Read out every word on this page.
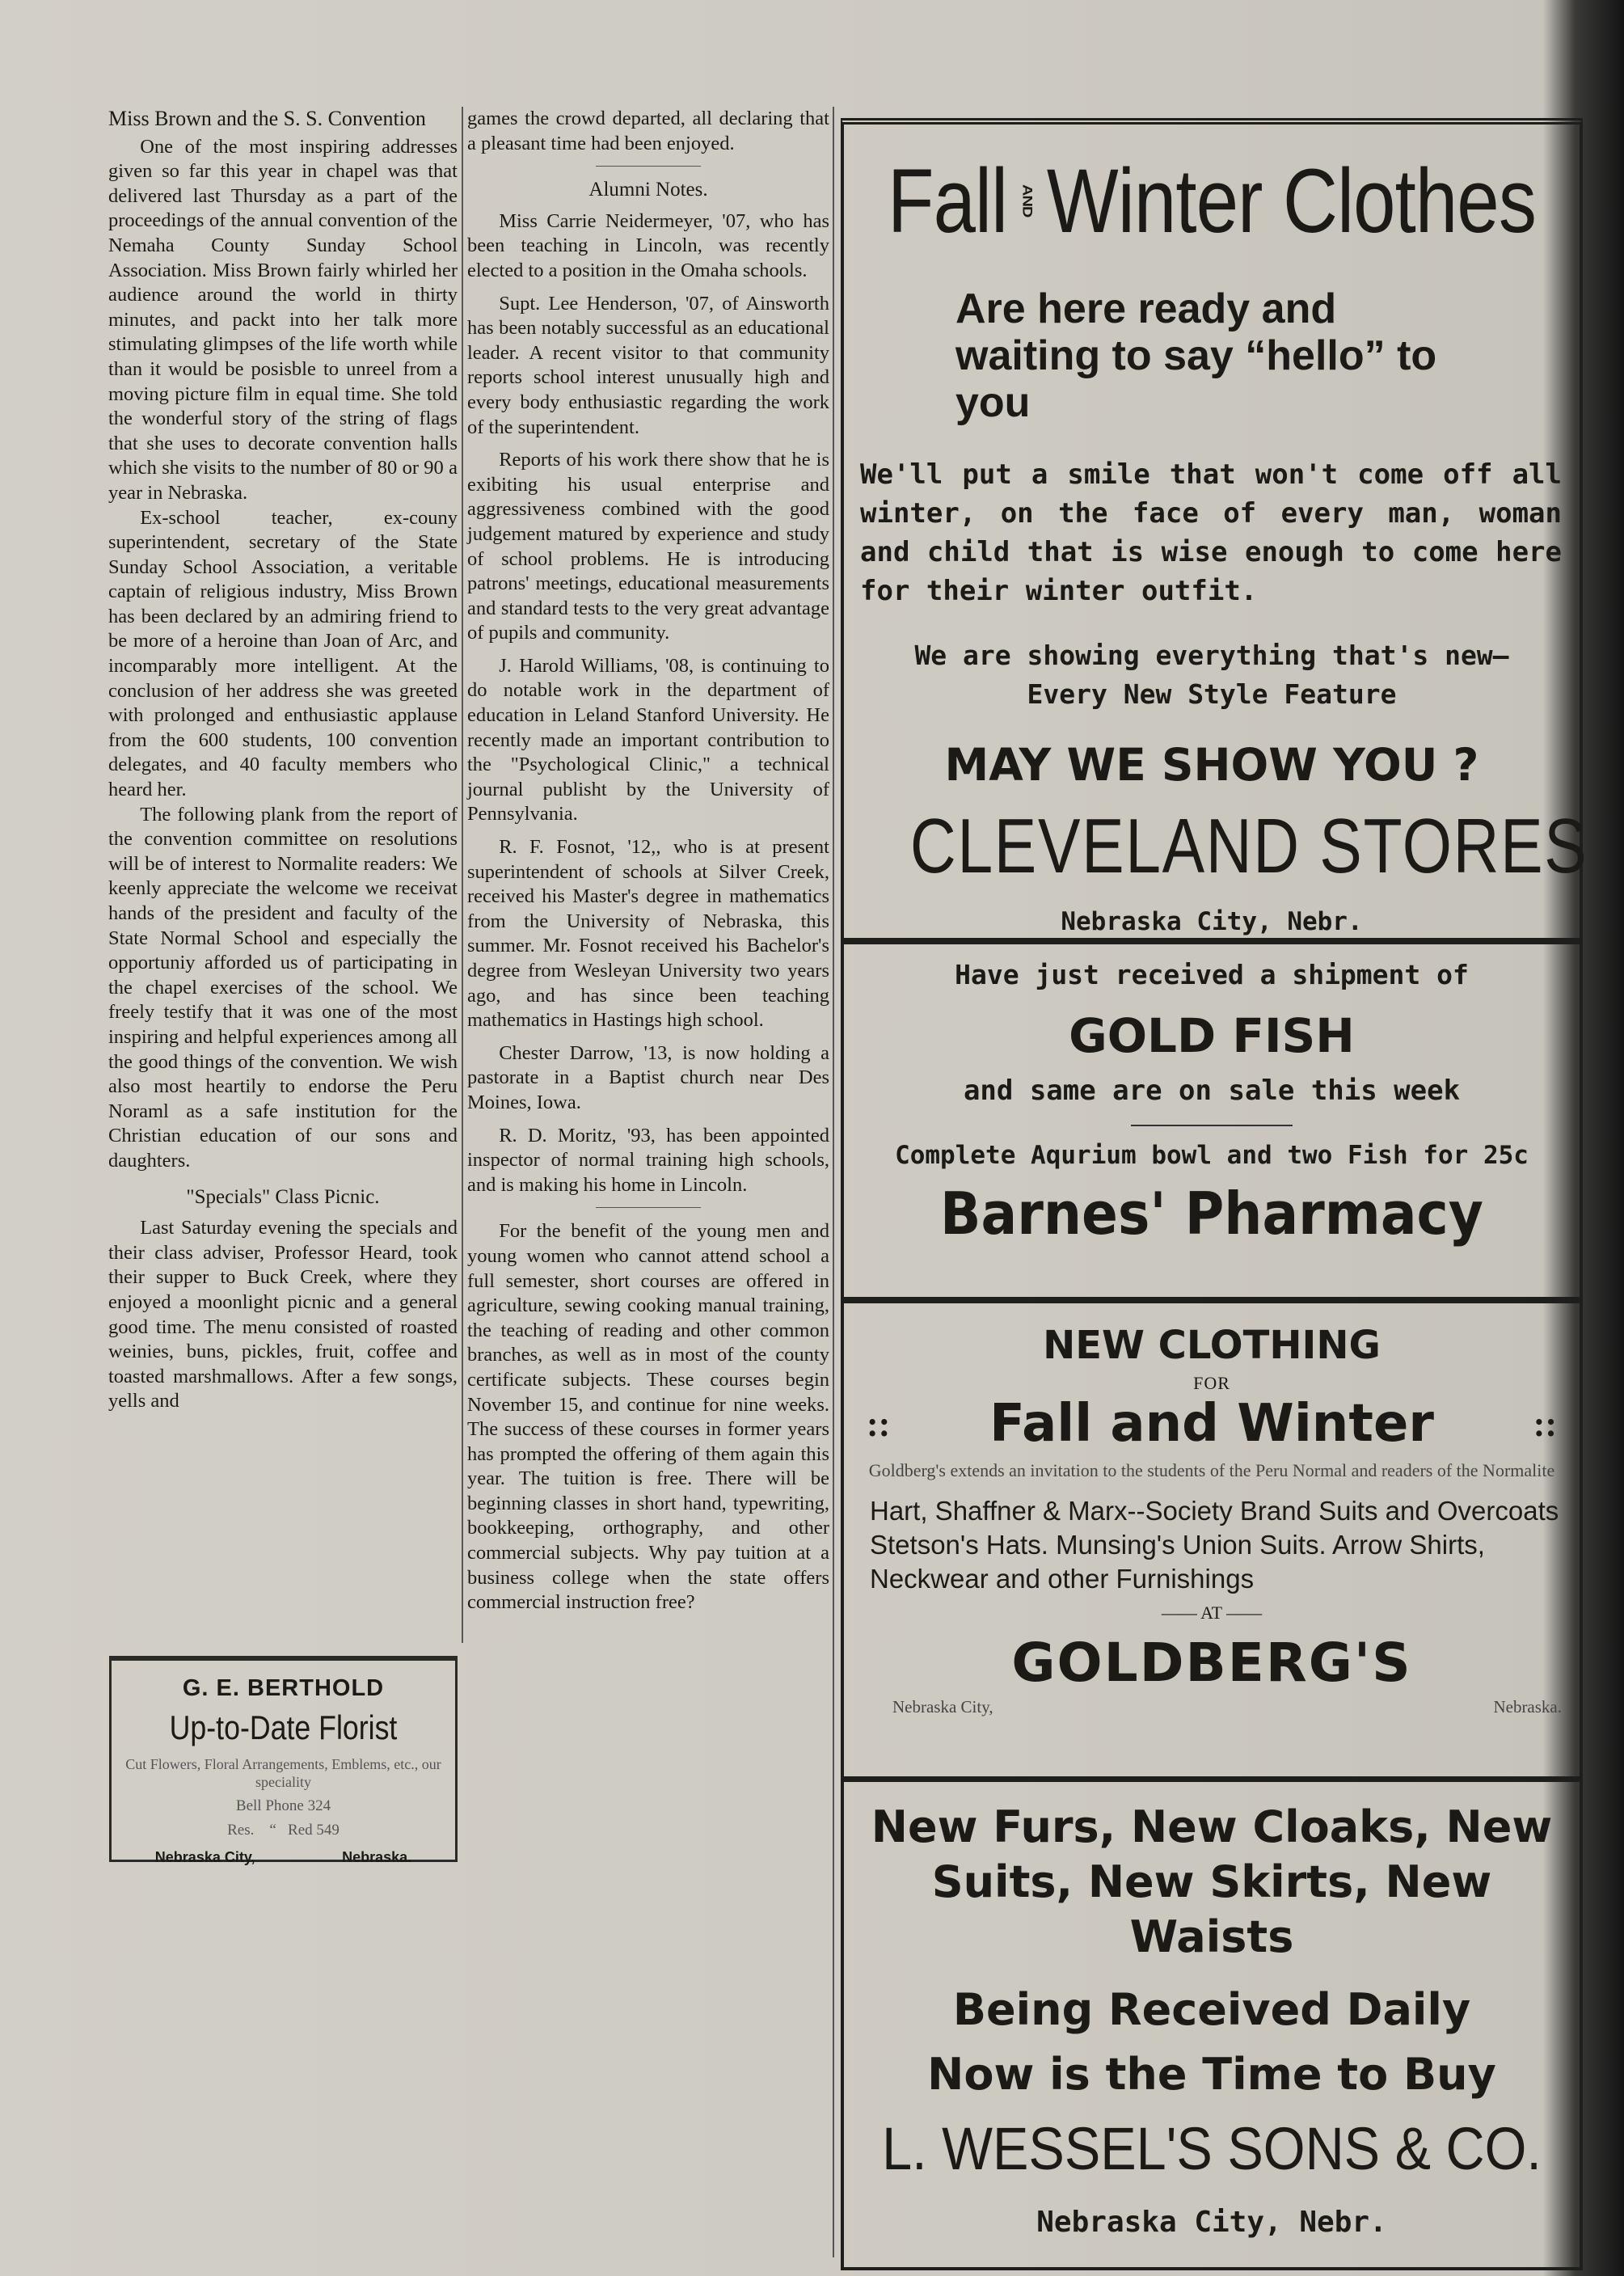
Miss Brown and the S. S. Convention

One of the most inspiring addresses given so far this year in chapel was that delivered last Thursday as a part of the proceedings of the annual convention of the Nemaha County Sunday School Association. Miss Brown fairly whirled her audience around the world in thirty minutes, and packt into her talk more stimulating glimpses of the life worth while than it would be posisble to unreel from a moving picture film in equal time. She told the wonderful story of the string of flags that she uses to decorate convention halls which she visits to the number of 80 or 90 a year in Nebraska.

Ex-school teacher, ex-couny superintendent, secretary of the State Sunday School Association, a veritable captain of religious industry, Miss Brown has been declared by an admiring friend to be more of a heroine than Joan of Arc, and incomparably more intelligent. At the conclusion of her address she was greeted with prolonged and enthusiastic applause from the 600 students, 100 convention delegates, and 40 faculty members who heard her.

The following plank from the report of the convention committee on resolutions will be of interest to Normalite readers: We keenly appreciate the welcome we receivat hands of the president and faculty of the State Normal School and especially the opportuniy afforded us of participating in the chapel exercises of the school. We freely testify that it was one of the most inspiring and helpful experiences among all the good things of the convention. We wish also most heartily to endorse the Peru Noraml as a safe institution for the Christian education of our sons and daughters.

"Specials" Class Picnic.

Last Saturday evening the specials and their class adviser, Professor Heard, took their supper to Buck Creek, where they enjoyed a moonlight picnic and a general good time. The menu consisted of roasted weinies, buns, pickles, fruit, coffee and toasted marshmallows. After a few songs, yells and

G. E. BERTHOLD
Up-to-Date Florist
Cut Flowers, Floral Arrangements, Emblems, etc., our speciality
Bell Phone 324
Res.    “   Red 549
Nebraska City,	Nebraska.

games the crowd departed, all declaring that a pleasant time had been enjoyed.

Alumni Notes.

Miss Carrie Neidermeyer, '07, who has been teaching in Lincoln, was recently elected to a position in the Omaha schools.

Supt. Lee Henderson, '07, of Ainsworth has been notably successful as an educational leader. A recent visitor to that community reports school interest unusually high and every body enthusiastic regarding the work of the superintendent.

Reports of his work there show that he is exibiting his usual enterprise and aggressiveness combined with the good judgement matured by experience and study of school problems. He is introducing patrons' meetings, educational measurements and standard tests to the very great advantage of pupils and community.

J. Harold Williams, '08, is continuing to do notable work in the department of education in Leland Stanford University. He recently made an important contribution to the "Psychological Clinic," a technical journal publisht by the University of Pennsylvania.

R. F. Fosnot, '12,, who is at present superintendent of schools at Silver Creek, received his Master's degree in mathematics from the University of Nebraska, this summer. Mr. Fosnot received his Bachelor's degree from Wesleyan University two years ago, and has since been teaching mathematics in Hastings high school.

Chester Darrow, '13, is now holding a pastorate in a Baptist church near Des Moines, Iowa.

R. D. Moritz, '93, has been appointed inspector of normal training high schools, and is making his home in Lincoln.

For the benefit of the young men and young women who cannot attend school a full semester, short courses are offered in agriculture, sewing cooking manual training, the teaching of reading and other common branches, as well as in most of the county certificate subjects. These courses begin November 15, and continue for nine weeks. The success of these courses in former years has prompted the offering of them again this year. The tuition is free. There will be beginning classes in short hand, typewriting, bookkeeping, orthography, and other commercial subjects. Why pay tuition at a business college when the state offers commercial instruction free?

Fall AND Winter Clothes
Are here ready and waiting to say “hello” to you
We'll put a smile that won't come off all winter, on the face of every man, woman and child that is wise enough to come here for their winter outfit.
We are showing everything that's new—
Every New Style Feature
MAY WE SHOW YOU ?
CLEVELAND STORES
Nebraska City, Nebr.
Have just received a shipment of
GOLD FISH
and same are on sale this week
Complete Aqurium bowl and two Fish for 25c
Barnes' Pharmacy
NEW CLOTHING
FOR
:: Fall and Winter	::
Goldberg's extends an invitation to the students of the Peru Normal and readers of the Normalite
Hart, Shaffner & Marx--Society Brand Suits and Overcoats Stetson's Hats. Munsing's Union Suits. Arrow Shirts, Neckwear and other Furnishings
—— AT ——
GOLDBERG'S
Nebraska City,	Nebraska.
New Furs, New Cloaks, New Suits, New Skirts, New Waists
Being Received Daily
Now is the Time to Buy
L. WESSEL'S SONS & CO.
Nebraska City, Nebr.
